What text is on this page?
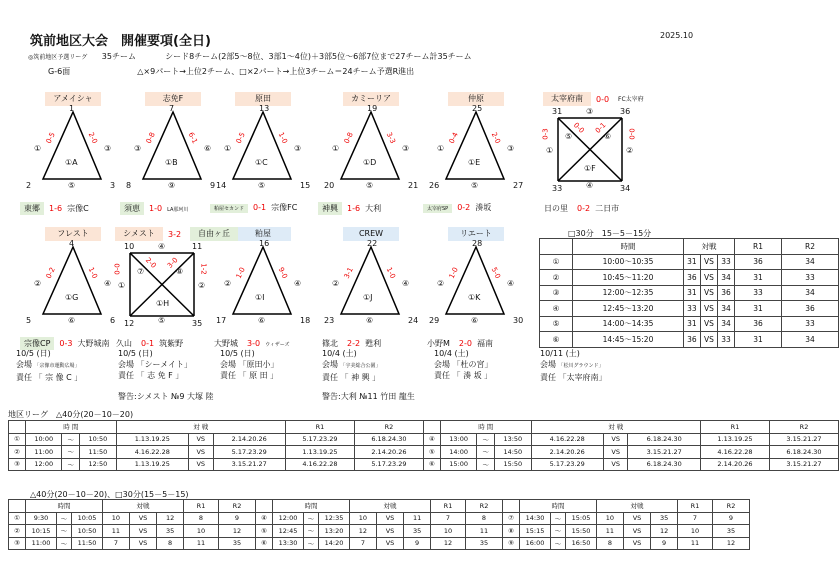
筑前地区大会　開催要項(全日)	2025.10
◎筑前地区予選リーグ 35チーム	シード8チーム(2部5～8位、3部1～4位)＋3部5位～6部7位まで27チーム計35チーム
G-6面	△×9パート→上位2チーム、□×2パート→上位3チーム＝24チーム予選R進出
アメイシャ
1
2	3
①	③
⑤
0-5	2-0
①A
東郷 1-6 宗像C
志免F
7
8	9
③	⑥
⑨
0-8	6-1
①B
須恵 1-0 LA那珂川
原田
13
14	15
①	③
⑤
0-5	1-0
①C
粕屋セカンド 0-1 宗像FC
カミーリア
19
20	21
①	③
⑤
0-8	3-3
①D
神興 1-6 大利
仲原
25
26	27
①	③
⑤
0-4	2-0
①E
太宰府SP 0-2 湊坂
フレスト
4
5	6
②	④
⑥
0-2	1-0
①G
宗像CP 0-3 大野城南
粕屋
16
17	18
②	④
⑥
1-0	9-0
①I
大野城 3-0 ウィザーズ
CREW
22
23	24
②	④
⑥
3-1	1-0
①J
篠北 2-2 甦利
リエート
28
29	30
②	④
⑥
1-0	5-0
①K
小野M 2-0 福南
太宰府南	0-0 FC太宰府
31	36
33	34
③
①	②
④
⑤	⑥
0-3	0-0
0-0 0-1
①F
日の里 0-2 二日市
シメスト	3-2	自由ヶ丘
10	11
12	35
④
①	②
⑤
⑦	⑧
0-0	1-2
2-0 3-0
①H
久山 0-1 筑紫野
□30分　15－5－15分
	時間	対戦			R1	R2
①	10:00～10:35	31	VS	33	36	34
②	10:45～11:20	36	VS	34	31	33
③	12:00～12:35	31	VS	36	33	34
④	12:45～13:20	33	VS	34	31	36
⑤	14:00～14:35	31	VS	34	36	33
⑥	14:45～15:20	36	VS	33	31	34
10/5 (日)
会場 「宗像市運動広場」
責任 「 宗 像 C 」
10/5 (日)
会場 「シーメイト」
責任 「 志 免 F 」
10/5 (日)
会場 「原田小」
責任 「 原 田 」
10/4 (土)
会場 「宇美総合公園」
責任 「 神 興 」
10/4 (土)
会場 「杜の宮」
責任 「 湊 坂 」
10/11 (土)
会場 「松川グラウンド」
責任 「太宰府南」
警告:シメスト №9 大塚 陸	警告:大利 №11 竹田 龍生
地区リーグ　△40分(20－10－20)
	時 間			対 戦			R1	R2		時 間			対 戦			R1	R2
①	10:00	～	10:50	1.13.19.25	VS	2.14.20.26	5.17.23.29	6.18.24.30	④	13:00	～	13:50	4.16.22.28	VS	6.18.24.30	1.13.19.25	3.15.21.27
②	11:00	～	11:50	4.16.22.28	VS	5.17.23.29	1.13.19.25	2.14.20.26	⑤	14:00	～	14:50	2.14.20.26	VS	3.15.21.27	4.16.22.28	6.18.24.30
③	12:00	～	12:50	1.13.19.25	VS	3.15.21.27	4.16.22.28	5.17.23.29	⑥	15:00	～	15:50	5.17.23.29	VS	6.18.24.30	2.14.20.26	3.15.21.27
△40分(20－10－20)、□30分(15－5－15)
	時間			対戦			R1	R2		時間			対戦			R1	R2		時間			対戦			R1	R2
①	9:30	～	10:05	10	VS	12	8	9	④	12:00	～	12:35	10	VS	11	7	8	⑦	14:30	～	15:05	10	VS	35	7	9
②	10:15	～	10:50	11	VS	35	10	12	⑤	12:45	～	13:20	12	VS	35	10	11	⑧	15:15	～	15:50	11	VS	12	10	35
③	11:00	～	11:50	7	VS	8	11	35	⑥	13:30	～	14:20	7	VS	9	12	35	⑨	16:00	～	16:50	8	VS	9	11	12
